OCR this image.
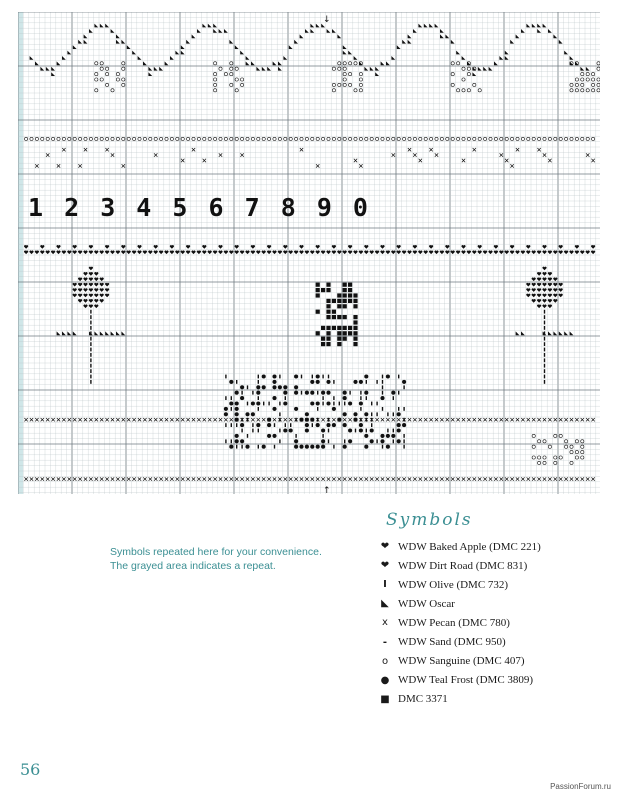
↓
↑
1 2 3 4 5 6 7 8 9 0
Symbols repeated here for your convenience.
The grayed area indicates a repeat.
Symbols
❤ WDW Baked Apple (DMC 221)
❤ WDW Dirt Road (DMC 831)
I	WDW Olive (DMC 732)
◣ WDW Oscar
x WDW Pecan (DMC 780)
- WDW Sand (DMC 950)
o WDW Sanguine (DMC 407)
● WDW Teal Frost (DMC 3809)
■ DMC 3371
56
PassionForum.ru
